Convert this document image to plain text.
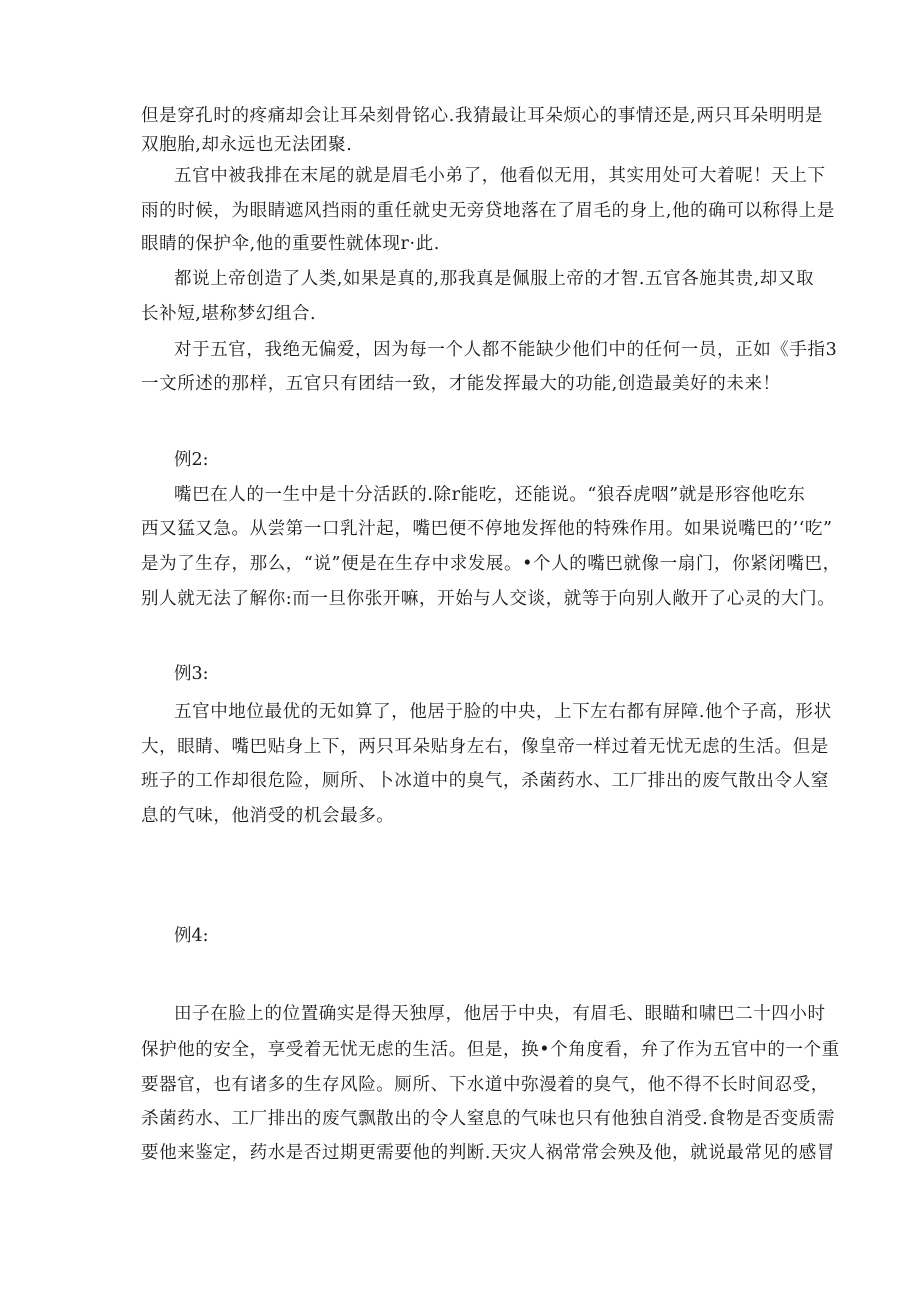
但是穿孔时的疼痛却会让耳朵刻骨铭心.我猜最让耳朵烦心的事情还是,两只耳朵明明是
双胞胎,却永远也无法团聚.
五官中被我排在末尾的就是眉毛小弟了，他看似无用，其实用处可大着呢！天上下
雨的时候，为眼睛遮风挡雨的重任就史无旁贷地落在了眉毛的身上,他的确可以称得上是
眼睛的保护伞,他的重要性就体现r·此.
都说上帝创造了人类,如果是真的,那我真是佩服上帝的才智.五官各施其贵,却又取
长补短,堪称梦幻组合.
对于五官，我绝无偏爱，因为每一个人都不能缺少他们中的任何一员，正如《手指3
一文所述的那样，五官只有团结一致，才能发挥最大的功能,创造最美好的未来！
例2:
嘴巴在人的一生中是十分活跃的.除r能吃，还能说。“狼吞虎咽”就是形容他吃东
西又猛又急。从尝第一口乳汁起，嘴巴便不停地发挥他的特殊作用。如果说嘴巴的’‘吃”
是为了生存，那么，“说”便是在生存中求发展。•个人的嘴巴就像一扇门，你紧闭嘴巴，
别人就无法了解你:而一旦你张开嘛，开始与人交谈，就等于向别人敞开了心灵的大门。
例3:
五官中地位最优的无如算了，他居于脸的中央，上下左右都有屏障.他个子高，形状
大，眼睛、嘴巴贴身上下，两只耳朵贴身左右，像皇帝一样过着无忧无虑的生活。但是
班子的工作却很危险，厕所、卜冰道中的臭气，杀菌药水、工厂排出的废气散出令人窒
息的气味，他消受的机会最多。
例4:
田子在脸上的位置确实是得天独厚，他居于中央，有眉毛、眼瞄和啸巴二十四小时
保护他的安全，享受着无忧无虑的生活。但是，换•个角度看，弁了作为五官中的一个重
要器官，也有诸多的生存风险。厕所、下水道中弥漫着的臭气，他不得不长时间忍受，
杀菌药水、工厂排出的废气飘散出的令人窒息的气味也只有他独自消受.食物是否变质需
要他来鉴定，药水是否过期更需要他的判断.天灾人祸常常会殃及他，就说最常见的感冒
